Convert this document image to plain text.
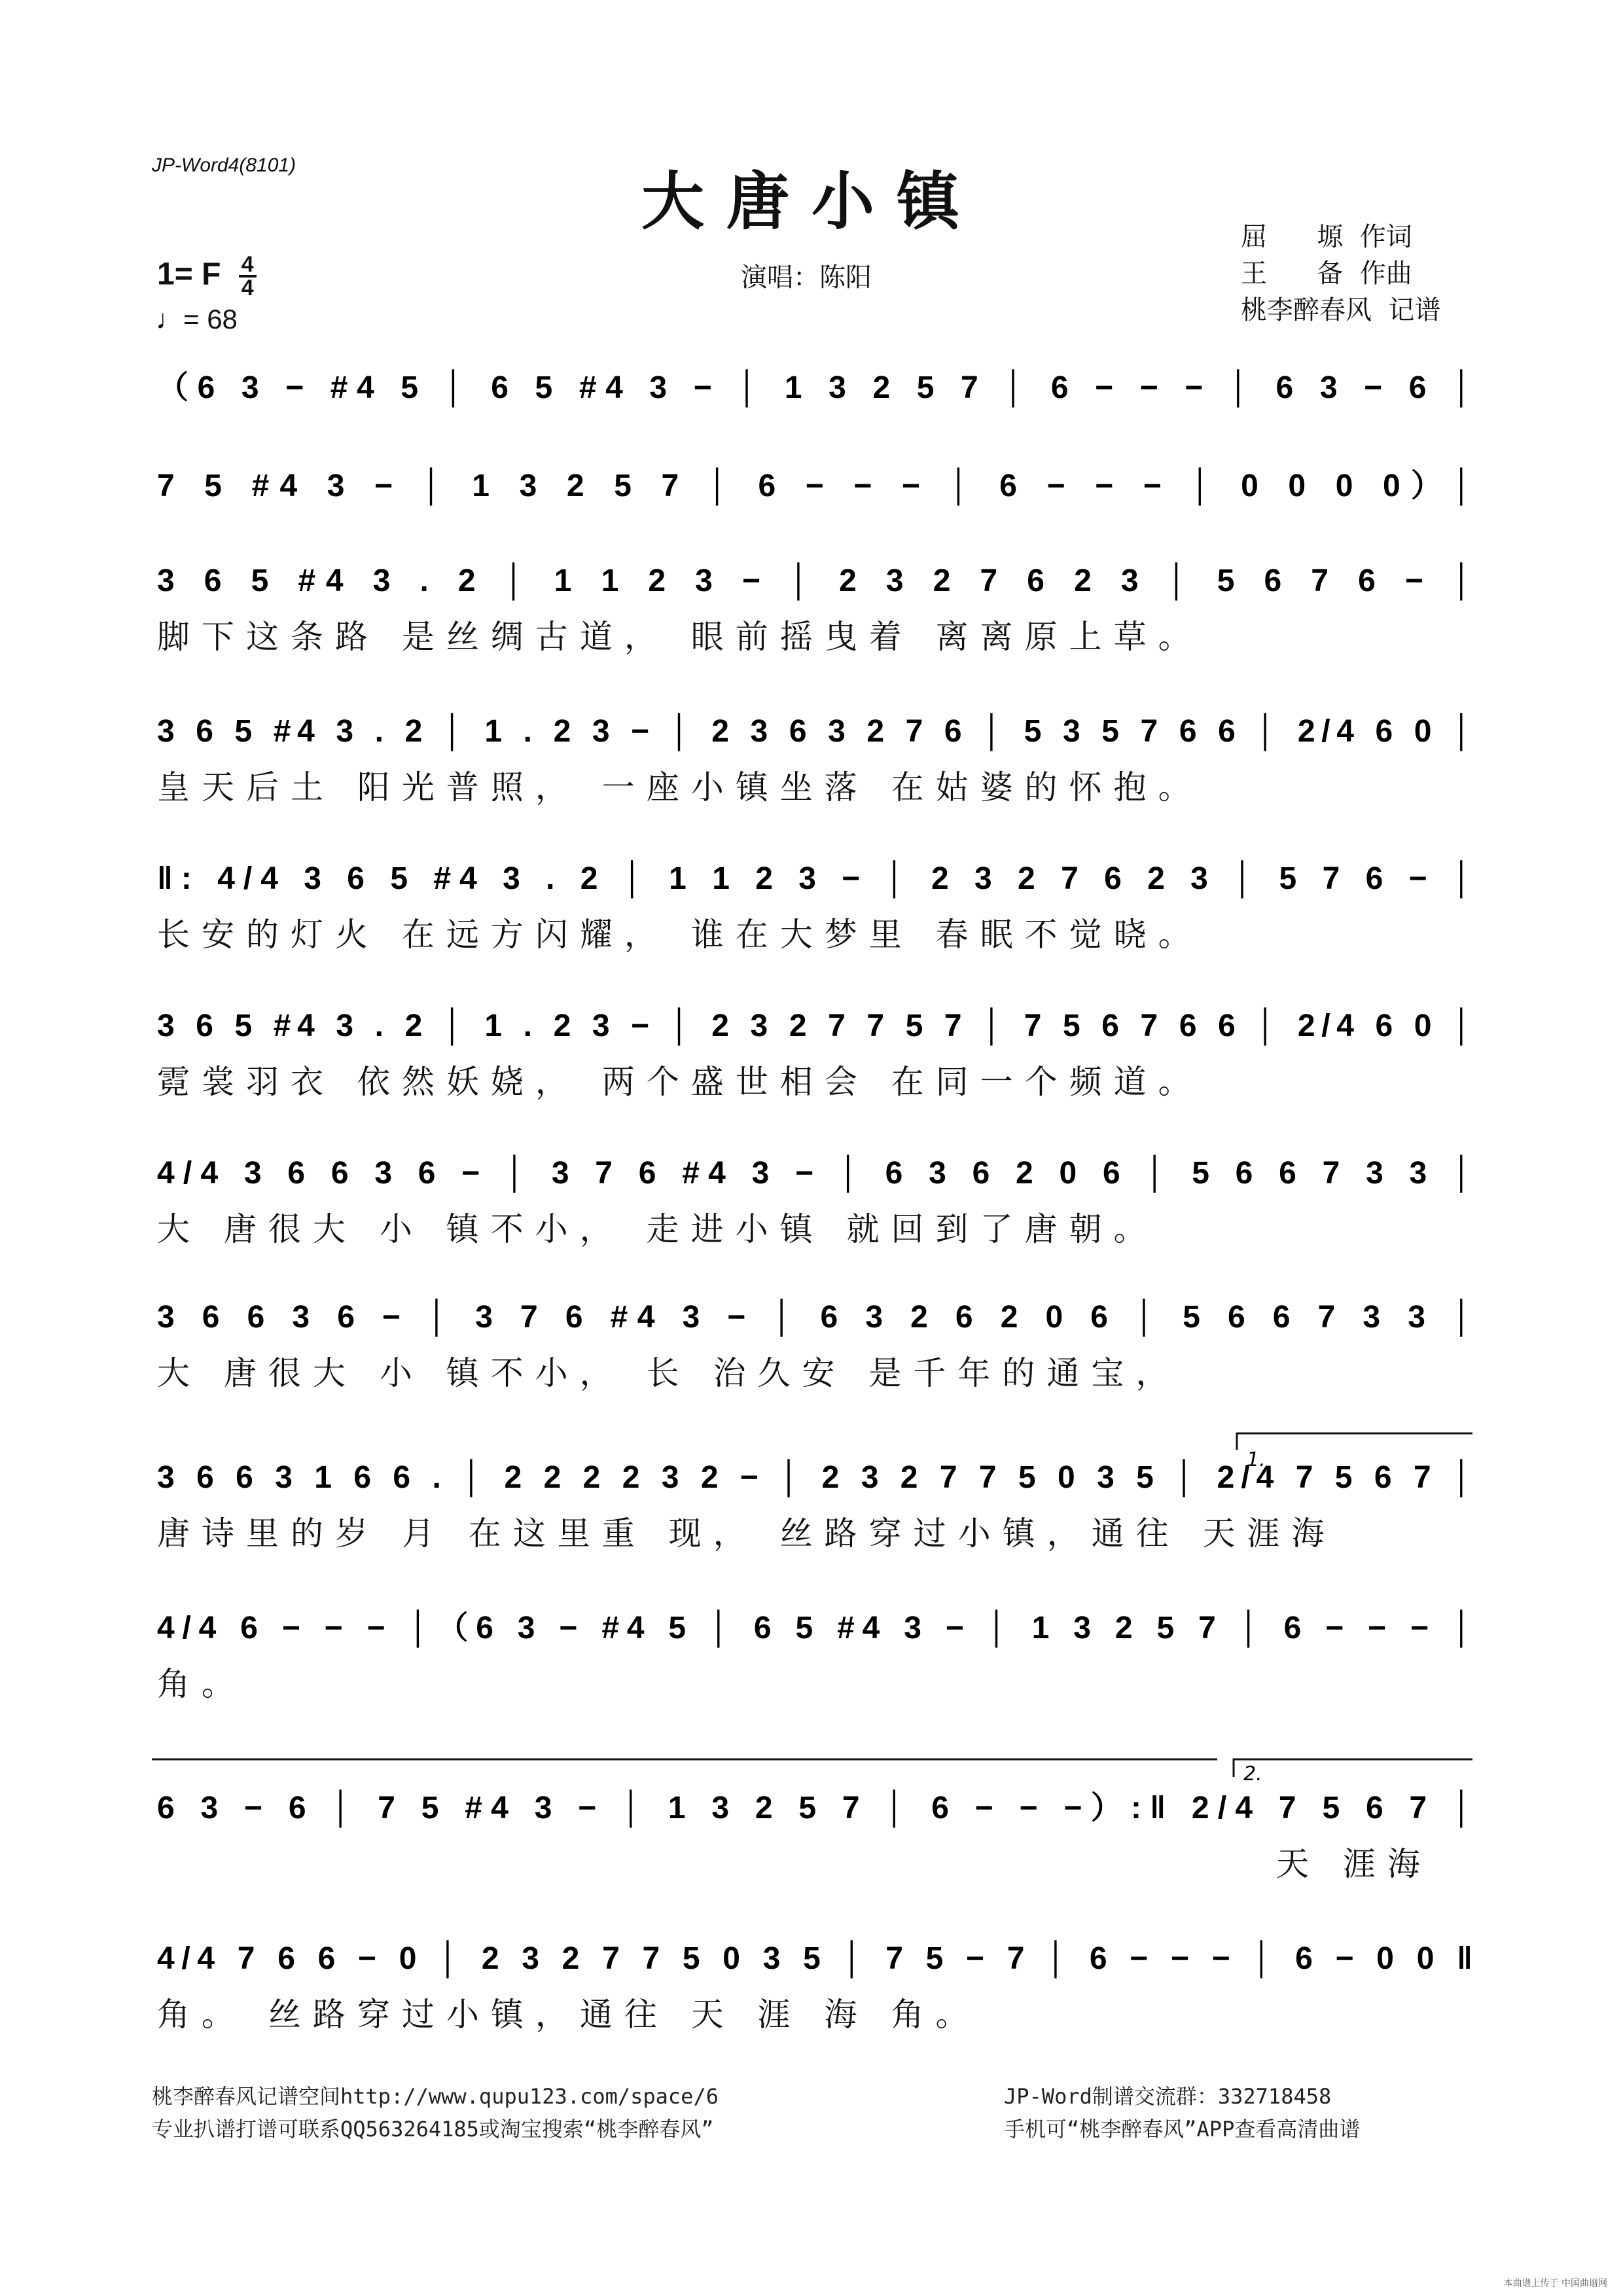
JP-Word4(8101)	大唐小镇
演唱：陈阳
屈      塬  作词
王      备  作曲
桃李醉春风  记谱
1= F $\frac{4}{4}$
♩= 68
（6 3 − #4 5 │ 6 5 #4 3 − │ 1 3 2 5 7 │ 6 − − − │ 6 3 − 6 │
7 5 #4 3 − │ 1 3 2 5 7 │ 6 − − − │ 6 − − − │ 0 0 0 0）│
3 6 5 #4 3 . 2 │ 1 1 2 3 − │ 2 3 2 7 6 2 3 │ 5 6 7 6 − │
3 6 5 #4 3 . 2 │ 1 . 2 3 − │ 2 3 6 3 2 7 6 │ 5 3 5 7 6 6 │ 2/4 6 0 │
‖: 4/4 3 6 5 #4 3 . 2 │ 1 1 2 3 − │ 2 3 2 7 6 2 3 │ 5 7 6 − │
3 6 5 #4 3 . 2 │ 1 . 2 3 − │ 2 3 2 7 7 5 7 │ 7 5 6 7 6 6 │ 2/4 6 0 │
4/4 3 6 6 3 6 − │ 3 7 6 #4 3 − │ 6 3 6 2 0 6 │ 5 6 6 7 3 3 │
3 6 6 3 6 − │ 3 7 6 #4 3 − │ 6 3 2 6 2 0 6 │ 5 6 6 7 3 3 │
3 6 6 3 1 6 6 . │ 2 2 2 2 3 2 − │ 2 3 2 7 7 5 0 3 5 │ 2/4 7 5 6 7 │
4/4 6 − − − │（6 3 − #4 5 │ 6 5 #4 3 − │ 1 3 2 5 7 │ 6 − − − │
6 3 − 6 │ 7 5 #4 3 − │ 1 3 2 5 7 │ 6 − − −）:‖ 2/4 7 5 6 7 │
4/4 7 6 6 − 0 │ 2 3 2 7 7 5 0 3 5 │ 7 5 − 7 │ 6 − − − │ 6 − 0 0 ‖
1.
2.
脚下这条路 是丝绸古道， 眼前摇曳着 离离原上草。
皇天后土 阳光普照， 一座小镇坐落 在姑婆的怀抱。
长安的灯火 在远方闪耀， 谁在大梦里 春眠不觉晓。
霓裳羽衣 依然妖娆， 两个盛世相会 在同一个频道。
大 唐很大 小 镇不小， 走进小镇 就回到了唐朝。
大 唐很大 小 镇不小， 长 治久安 是千年的通宝，
唐诗里的岁 月 在这里重 现， 丝路穿过小镇，通往 天涯海
角。
天 涯海
角。 丝路穿过小镇，通往 天 涯 海 角。
桃李醉春风记谱空间http://www.qupu123.com/space/6
专业扒谱打谱可联系QQ563264185或淘宝搜索“桃李醉春风”
JP-Word制谱交流群：332718458
手机可“桃李醉春风”APP查看高清曲谱
本曲谱上传于 中国曲谱网
